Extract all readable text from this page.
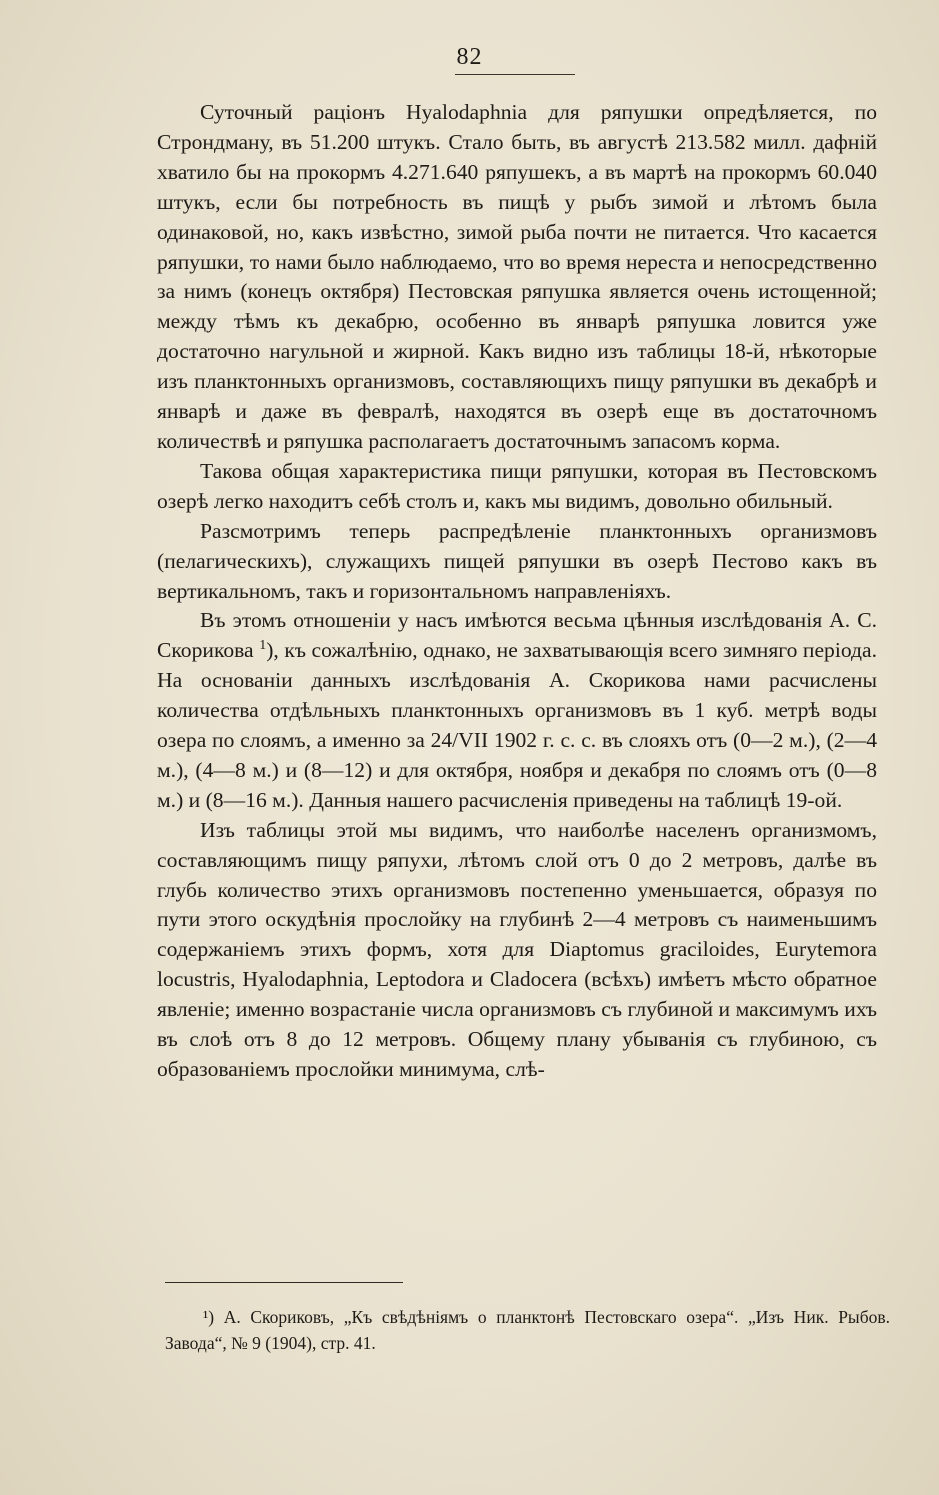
82

Суточный раціонъ Hyalodaphnia для ряпушки опредѣляется, по Строндману, въ 51.200 штукъ. Стало быть, въ августѣ 213.582 милл. дафній хватило бы на прокормъ 4.271.640 ряпушекъ, а въ мартѣ на прокормъ 60.040 штукъ, если бы потребность въ пищѣ у рыбъ зимой и лѣтомъ была одинаковой, но, какъ извѣстно, зимой рыба почти не питается. Что касается ряпушки, то нами было наблюдаемо, что во время нереста и непосредственно за нимъ (конецъ октября) Пестовская ряпушка является очень истощенной; между тѣмъ къ декабрю, особенно въ январѣ ряпушка ловится уже достаточно нагульной и жирной. Какъ видно изъ таблицы 18-й, нѣкоторые изъ планктонныхъ организмовъ, составляющихъ пищу ряпушки въ декабрѣ и январѣ и даже въ февралѣ, находятся въ озерѣ еще въ достаточномъ количествѣ и ряпушка располагаетъ достаточнымъ запасомъ корма.

Такова общая характеристика пищи ряпушки, которая въ Пестовскомъ озерѣ легко находитъ себѣ столъ и, какъ мы видимъ, довольно обильный.

Разсмотримъ теперь распредѣленіе планктонныхъ организмовъ (пелагическихъ), служащихъ пищей ряпушки въ озерѣ Пестово какъ въ вертикальномъ, такъ и горизонтальномъ направленіяхъ.

Въ этомъ отношеніи у насъ имѣются весьма цѣнныя изслѣдованія А. С. Скорикова $^1$), къ сожалѣнію, однако, не захватывающія всего зимняго періода. На основаніи данныхъ изслѣдованія А. Скорикова нами расчислены количества отдѣльныхъ планктонныхъ организмовъ въ 1 куб. метрѣ воды озера по слоямъ, а именно за 24/VII 1902 г. с. с. въ слояхъ отъ (0—2 м.), (2—4 м.), (4—8 м.) и (8—12) и для октября, ноября и декабря по слоямъ отъ (0—8 м.) и (8—16 м.). Данныя нашего расчисленія приведены на таблицѣ 19-ой.

Изъ таблицы этой мы видимъ, что наиболѣе населенъ организмомъ, составляющимъ пищу ряпухи, лѣтомъ слой отъ 0 до 2 метровъ, далѣе въ глубь количество этихъ организмовъ постепенно уменьшается, образуя по пути этого оскудѣнія прослойку на глубинѣ 2—4 метровъ съ наименьшимъ содержаніемъ этихъ формъ, хотя для Diaptomus graciloides, Eurytemora locustris, Hyalodaphnia, Leptodora и Cladocera (всѣхъ) имѣетъ мѣсто обратное явленіе; именно возрастаніе числа организмовъ съ глубиной и максимумъ ихъ въ слоѣ отъ 8 до 12 метровъ. Общему плану убыванія съ глубиною, съ образованіемъ прослойки минимума, слѣ-

¹) А. Скориковъ, „Къ свѣдѣніямъ о планктонѣ Пестовскаго озера“. „Изъ Ник. Рыбов. Завода“, № 9 (1904), стр. 41.
